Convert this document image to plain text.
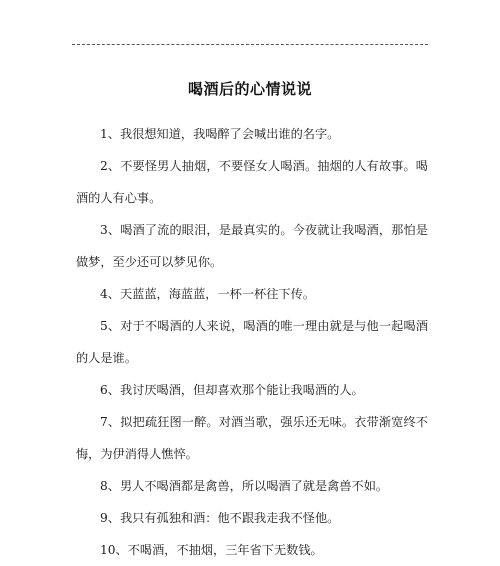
喝酒后的心情说说

1、我很想知道，我喝醉了会喊出谁的名字。

2、不要怪男人抽烟，不要怪女人喝酒。抽烟的人有故事。喝酒的人有心事。

3、喝酒了流的眼泪，是最真实的。今夜就让我喝酒，那怕是做梦，至少还可以梦见你。

4、天蓝蓝，海蓝蓝，一杯一杯往下传。

5、对于不喝酒的人来说，喝酒的唯一理由就是与他一起喝酒的人是谁。

6、我讨厌喝酒，但却喜欢那个能让我喝酒的人。

7、拟把疏狂图一醉。对酒当歌，强乐还无味。衣带渐宽终不悔，为伊消得人憔悴。

8、男人不喝酒都是禽兽，所以喝酒了就是禽兽不如。

9、我只有孤独和酒：他不跟我走我不怪他。

10、不喝酒，不抽烟，三年省下无数钱。
